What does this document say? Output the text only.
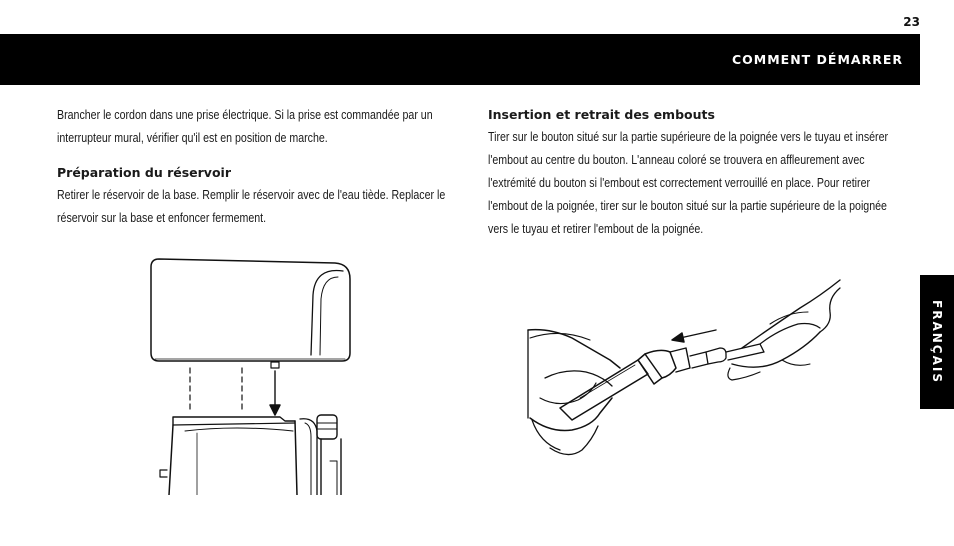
23
COMMENT DÉMARRER
FRANÇAIS

Brancher le cordon dans une prise électrique. Si la prise est commandée par un interrupteur mural, vérifier qu'il est en position de marche.

Préparation du réservoir

Retirer le réservoir de la base. Remplir le réservoir avec de l'eau tiède. Replacer le réservoir sur la base et enfoncer fermement.

Insertion et retrait des embouts

Tirer sur le bouton situé sur la partie supérieure de la poignée vers le tuyau et insérer l'embout au centre du bouton. L'anneau coloré se trouvera en affleurement avec l'extrémité du bouton si l'embout est correctement verrouillé en place. Pour retirer l'embout de la poignée, tirer sur le bouton situé sur la partie supérieure de la poignée vers le tuyau et retirer l'embout de la poignée.
